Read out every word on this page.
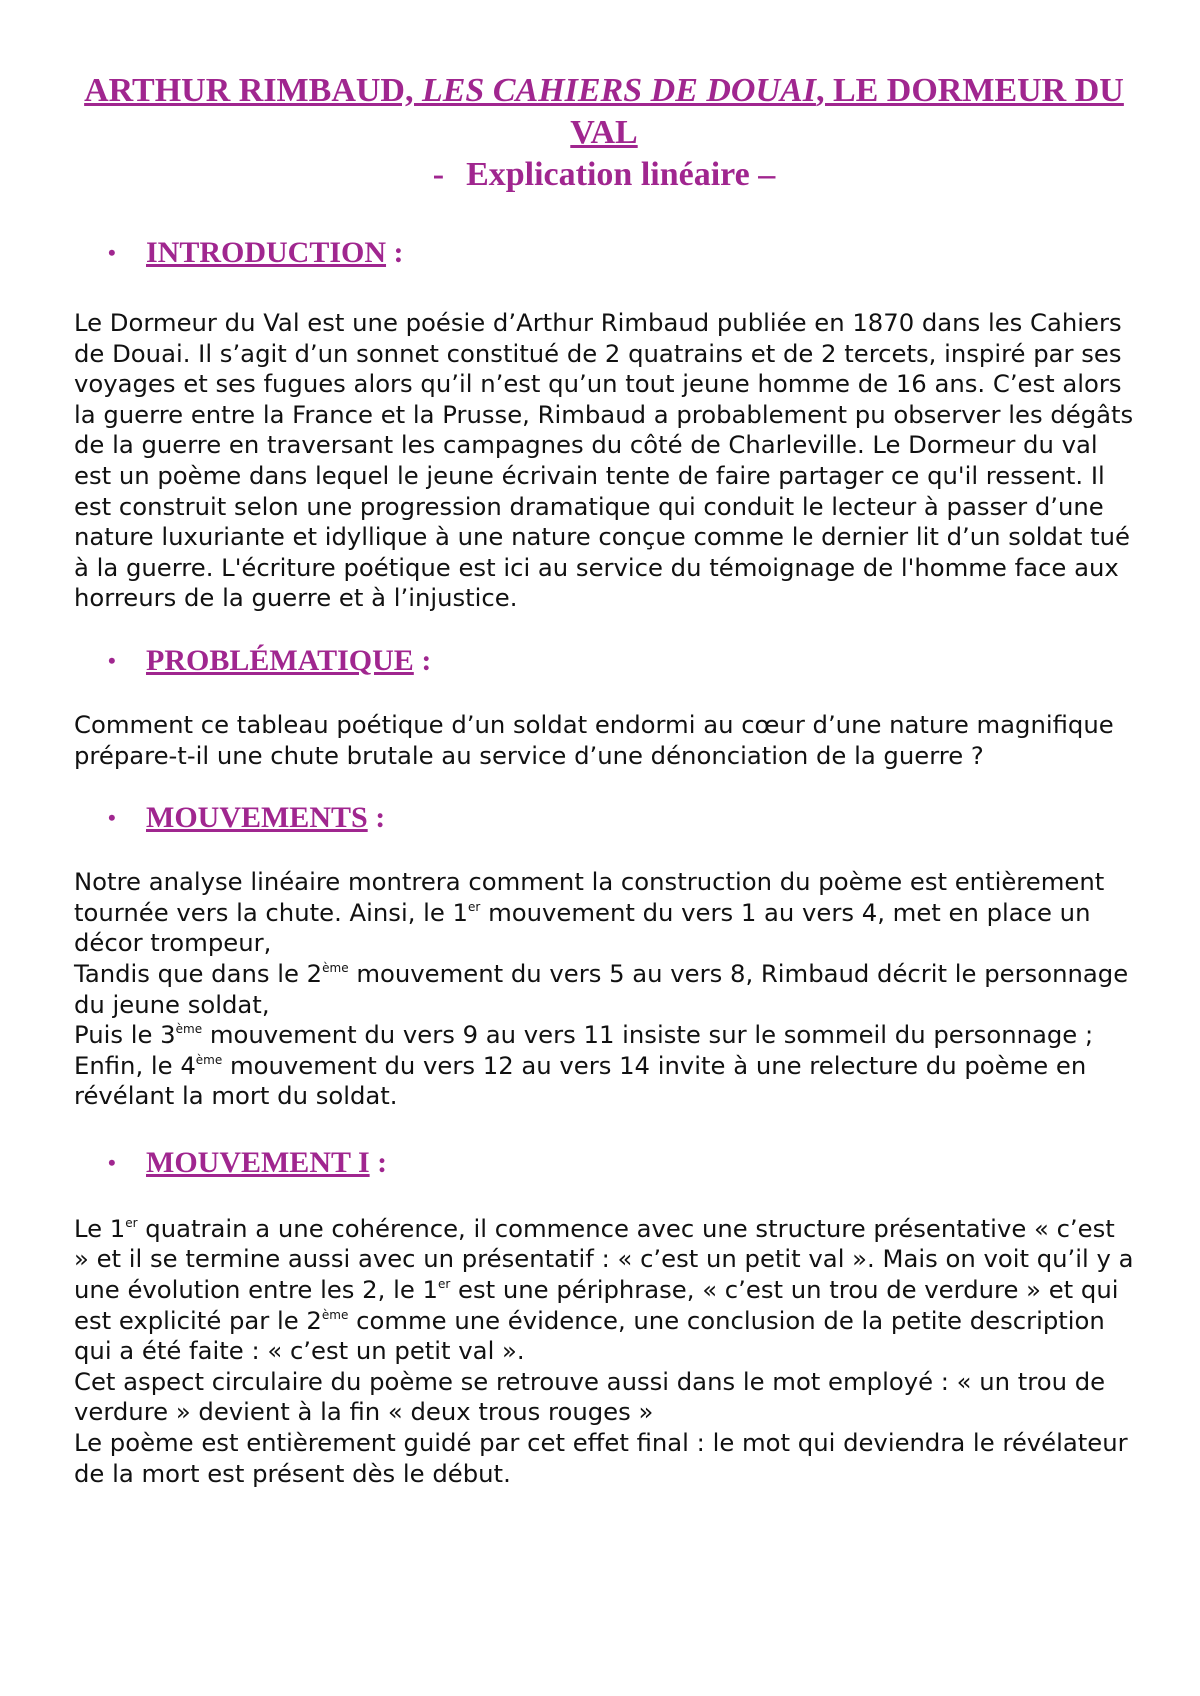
ARTHUR RIMBAUD, LES CAHIERS DE DOUAI, LE DORMEUR DU VAL
- Explication linéaire –
• INTRODUCTION :

Le Dormeur du Val est une poésie d’Arthur Rimbaud publiée en 1870 dans les Cahiers de Douai. Il s’agit d’un sonnet constitué de 2 quatrains et de 2 tercets, inspiré par ses voyages et ses fugues alors qu’il n’est qu’un tout jeune homme de 16 ans. C’est alors la guerre entre la France et la Prusse, Rimbaud a probablement pu observer les dégâts de la guerre en traversant les campagnes du côté de Charleville. Le Dormeur du val est un poème dans lequel le jeune écrivain tente de faire partager ce qu'il ressent. Il est construit selon une progression dramatique qui conduit le lecteur à passer d’une nature luxuriante et idyllique à une nature conçue comme le dernier lit d’un soldat tué à la guerre. L'écriture poétique est ici au service du témoignage de l'homme face aux horreurs de la guerre et à l’injustice.

• PROBLÉMATIQUE :

Comment ce tableau poétique d’un soldat endormi au cœur d’une nature magnifique prépare-t-il une chute brutale au service d’une dénonciation de la guerre ?

• MOUVEMENTS :

Notre analyse linéaire montrera comment la construction du poème est entièrement tournée vers la chute. Ainsi, le 1er mouvement du vers 1 au vers 4, met en place un décor trompeur,

Tandis que dans le 2ème mouvement du vers 5 au vers 8, Rimbaud décrit le personnage du jeune soldat,

Puis le 3ème mouvement du vers 9 au vers 11 insiste sur le sommeil du personnage ;

Enfin, le 4ème mouvement du vers 12 au vers 14 invite à une relecture du poème en révélant la mort du soldat.

• MOUVEMENT I :

Le 1er quatrain a une cohérence, il commence avec une structure présentative « c’est » et il se termine aussi avec un présentatif : « c’est un petit val ». Mais on voit qu’il y a une évolution entre les 2, le 1er est une périphrase, « c’est un trou de verdure » et qui est explicité par le 2ème comme une évidence, une conclusion de la petite description qui a été faite : « c’est un petit val ».

Cet aspect circulaire du poème se retrouve aussi dans le mot employé : « un trou de verdure » devient à la fin « deux trous rouges »

Le poème est entièrement guidé par cet effet final : le mot qui deviendra le révélateur de la mort est présent dès le début.
